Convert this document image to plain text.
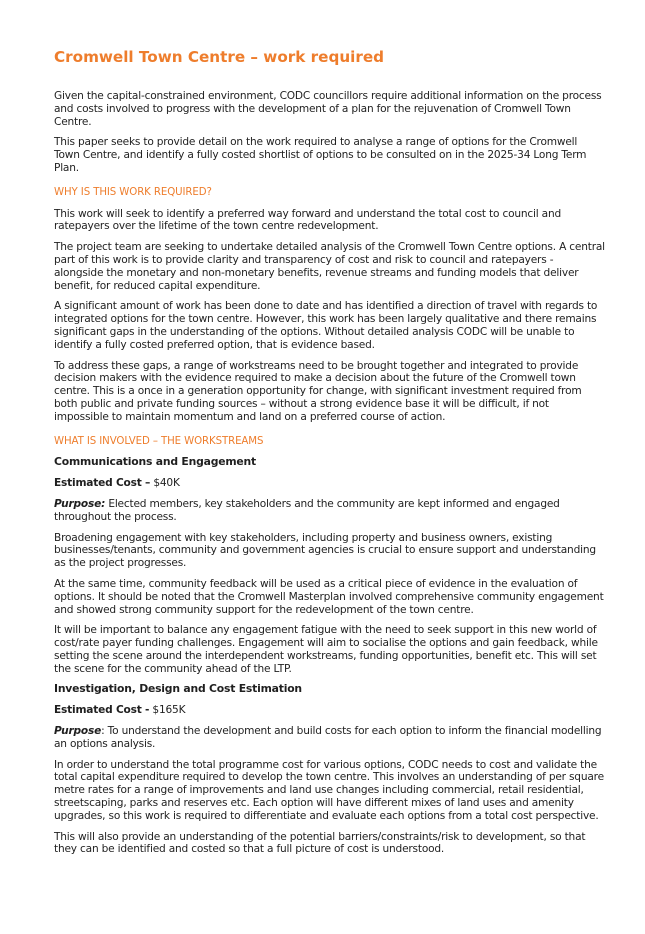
Cromwell Town Centre – work required

Given the capital-constrained environment, CODC councillors require additional information on the process and costs involved to progress with the development of a plan for the rejuvenation of Cromwell Town Centre.

This paper seeks to provide detail on the work required to analyse a range of options for the Cromwell Town Centre, and identify a fully costed shortlist of options to be consulted on in the 2025-34 Long Term Plan.

WHY IS THIS WORK REQUIRED?

This work will seek to identify a preferred way forward and understand the total cost to council and ratepayers over the lifetime of the town centre redevelopment.

The project team are seeking to undertake detailed analysis of the Cromwell Town Centre options. A central part of this work is to provide clarity and transparency of cost and risk to council and ratepayers - alongside the monetary and non-monetary benefits, revenue streams and funding models that deliver benefit, for reduced capital expenditure.

A significant amount of work has been done to date and has identified a direction of travel with regards to integrated options for the town centre. However, this work has been largely qualitative and there remains significant gaps in the understanding of the options. Without detailed analysis CODC will be unable to identify a fully costed preferred option, that is evidence based.

To address these gaps, a range of workstreams need to be brought together and integrated to provide decision makers with the evidence required to make a decision about the future of the Cromwell town centre. This is a once in a generation opportunity for change, with significant investment required from both public and private funding sources – without a strong evidence base it will be difficult, if not impossible to maintain momentum and land on a preferred course of action.

WHAT IS INVOLVED – THE WORKSTREAMS
Communications and Engagement
Estimated Cost – $40K

Purpose: Elected members, key stakeholders and the community are kept informed and engaged throughout the process.

Broadening engagement with key stakeholders, including property and business owners, existing businesses/tenants, community and government agencies is crucial to ensure support and understanding as the project progresses.

At the same time, community feedback will be used as a critical piece of evidence in the evaluation of options. It should be noted that the Cromwell Masterplan involved comprehensive community engagement and showed strong community support for the redevelopment of the town centre.

It will be important to balance any engagement fatigue with the need to seek support in this new world of cost/rate payer funding challenges. Engagement will aim to socialise the options and gain feedback, while setting the scene around the interdependent workstreams, funding opportunities, benefit etc. This will set the scene for the community ahead of the LTP.

Investigation, Design and Cost Estimation
Estimated Cost - $165K

Purpose: To understand the development and build costs for each option to inform the financial modelling an options analysis.

In order to understand the total programme cost for various options, CODC needs to cost and validate the total capital expenditure required to develop the town centre. This involves an understanding of per square metre rates for a range of improvements and land use changes including commercial, retail residential, streetscaping, parks and reserves etc. Each option will have different mixes of land uses and amenity upgrades, so this work is required to differentiate and evaluate each options from a total cost perspective.

This will also provide an understanding of the potential barriers/constraints/risk to development, so that they can be identified and costed so that a full picture of cost is understood.
